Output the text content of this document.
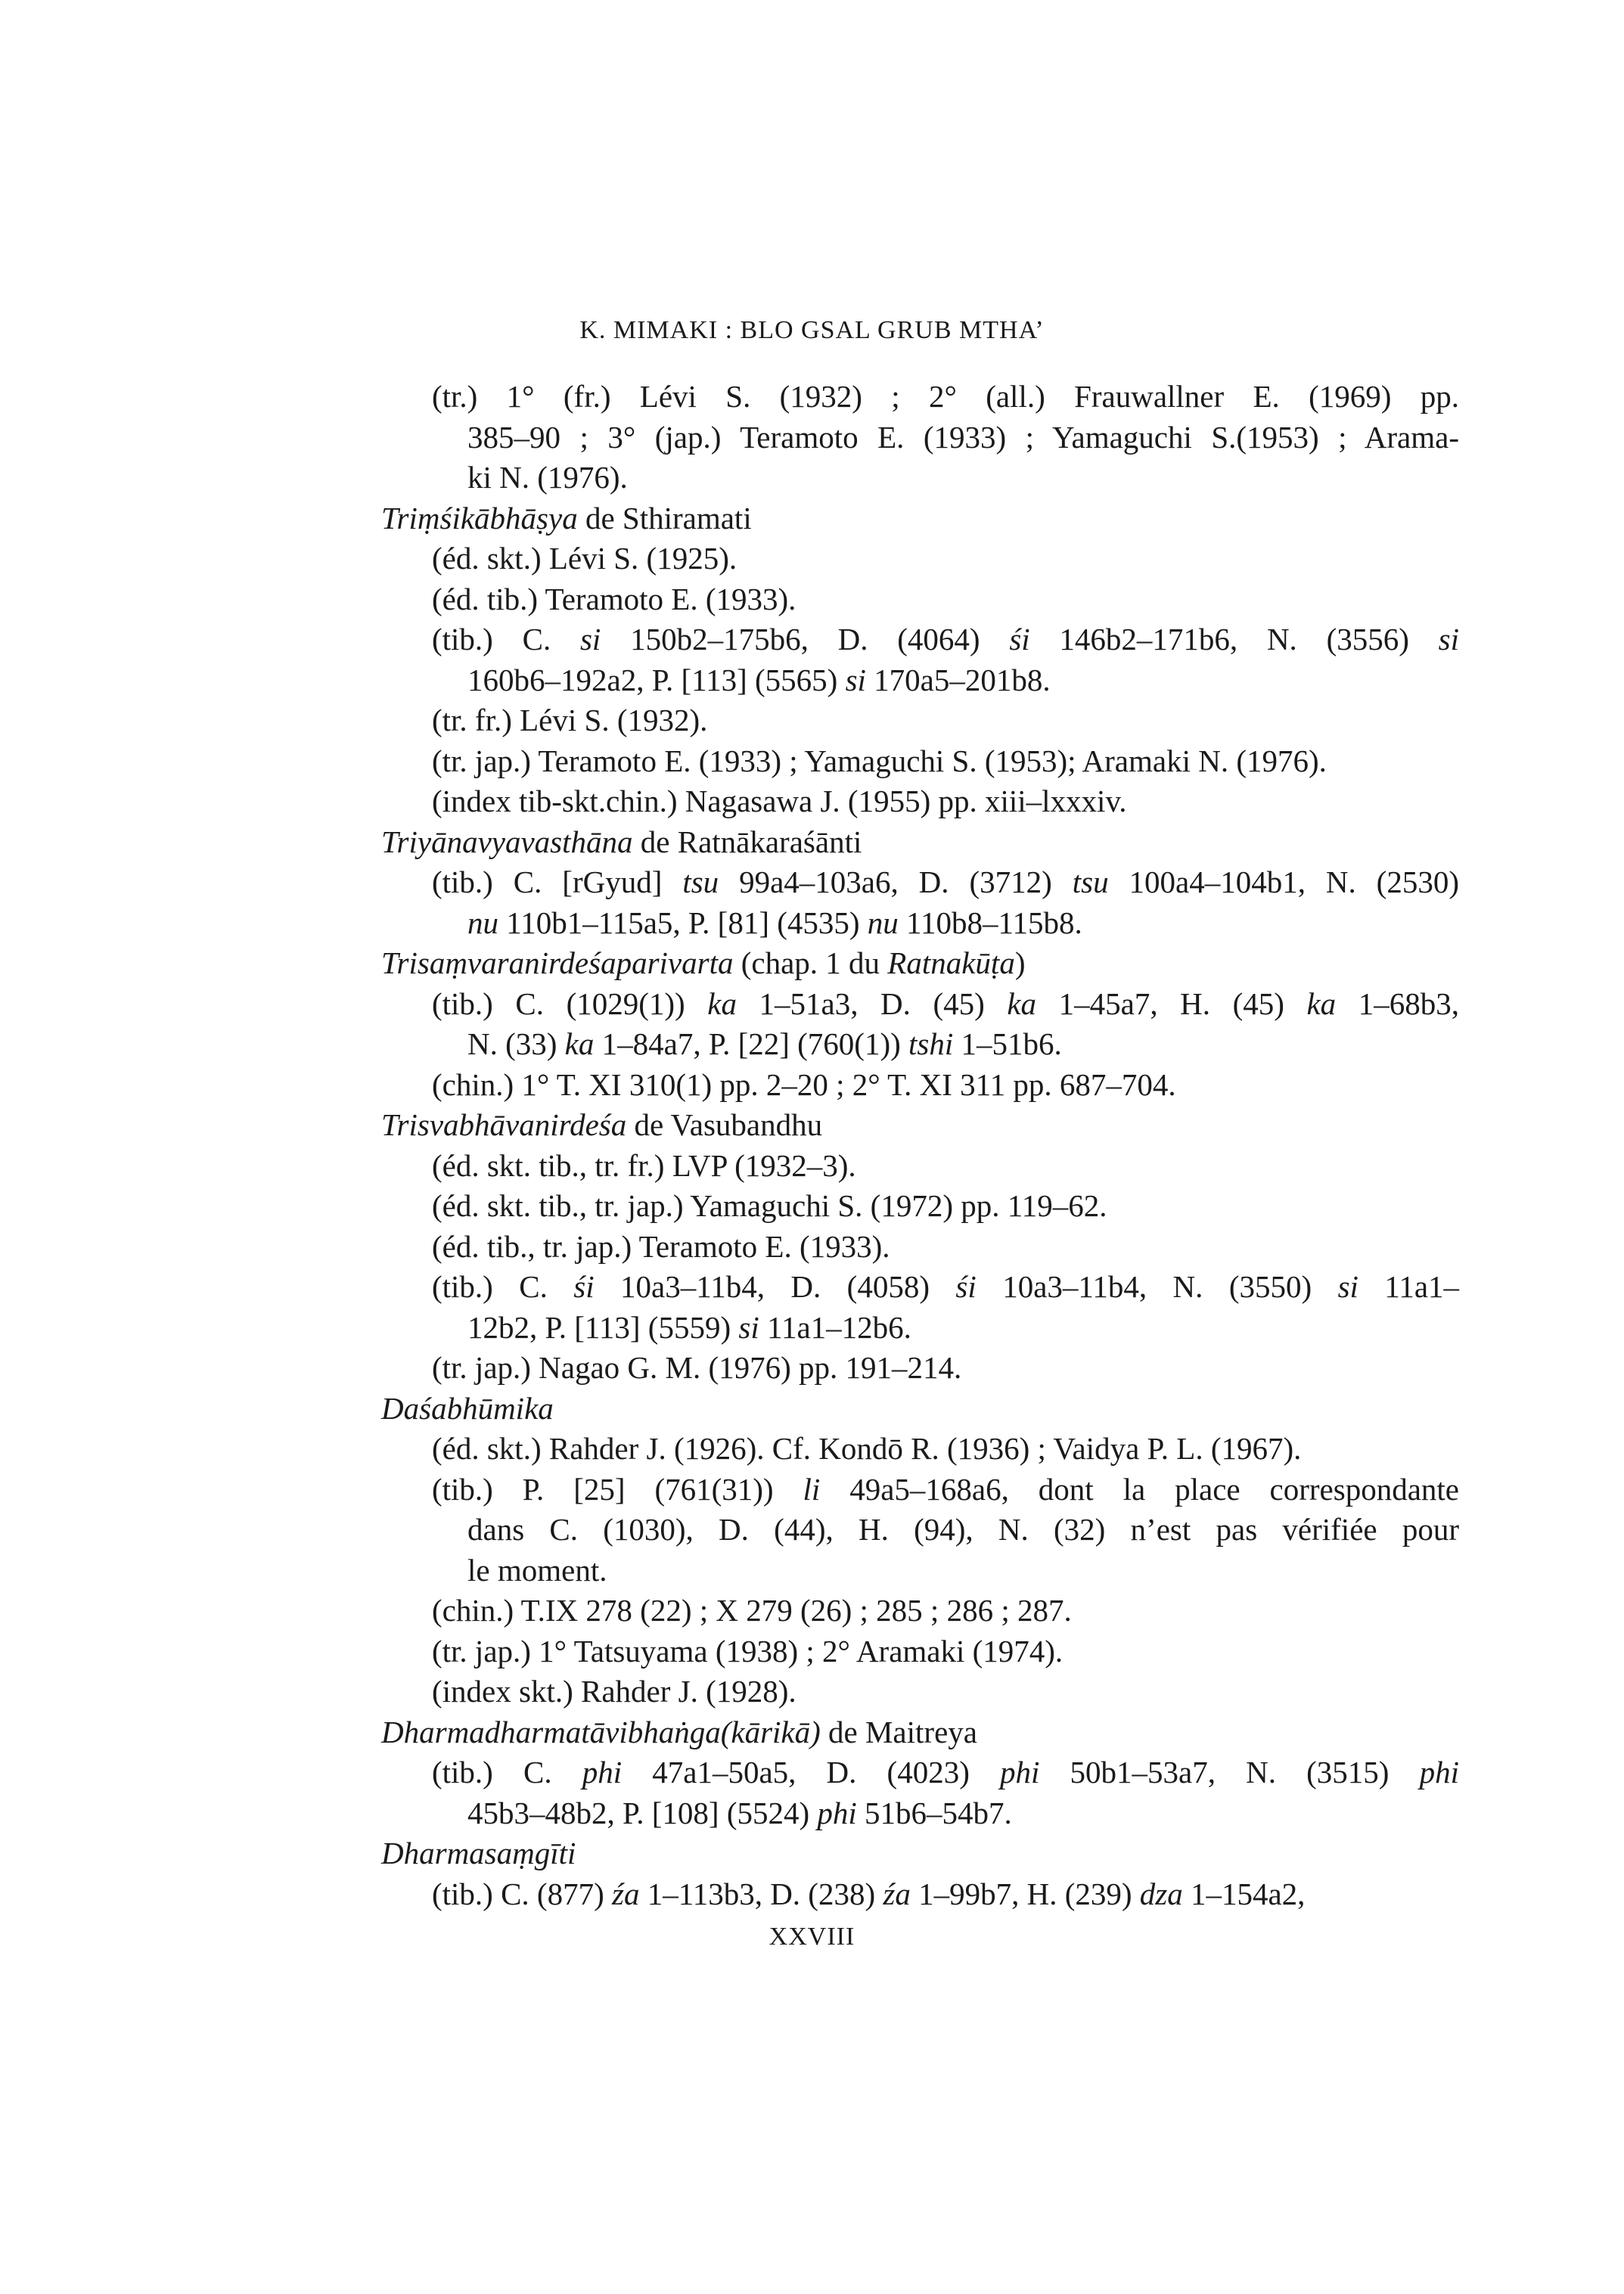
K. MIMAKI : BLO GSAL GRUB MTHA’
(tr.) 1° (fr.) Lévi S. (1932) ; 2° (all.) Frauwallner E. (1969) pp.
385–90 ; 3° (jap.) Teramoto E. (1933) ; Yamaguchi S.(1953) ; Arama-
ki N. (1976).
Triṃśikābhāṣya de Sthiramati
(éd. skt.) Lévi S. (1925).
(éd. tib.) Teramoto E. (1933).
(tib.) C. si 150b2–175b6, D. (4064) śi 146b2–171b6, N. (3556) si
160b6–192a2, P. [113] (5565) si 170a5–201b8.
(tr. fr.) Lévi S. (1932).
(tr. jap.) Teramoto E. (1933) ; Yamaguchi S. (1953); Aramaki N. (1976).
(index tib-skt.chin.) Nagasawa J. (1955) pp. xiii–lxxxiv.
Triyānavyavasthāna de Ratnākaraśānti
(tib.) C. [rGyud] tsu 99a4–103a6, D. (3712) tsu 100a4–104b1, N. (2530)
nu 110b1–115a5, P. [81] (4535) nu 110b8–115b8.
Trisaṃvaranirdeśaparivarta (chap. 1 du Ratnakūṭa)
(tib.) C. (1029(1)) ka 1–51a3, D. (45) ka 1–45a7, H. (45) ka 1–68b3,
N. (33) ka 1–84a7, P. [22] (760(1)) tshi 1–51b6.
(chin.) 1° T. XI 310(1) pp. 2–20 ; 2° T. XI 311 pp. 687–704.
Trisvabhāvanirdeśa de Vasubandhu
(éd. skt. tib., tr. fr.) LVP (1932–3).
(éd. skt. tib., tr. jap.) Yamaguchi S. (1972) pp. 119–62.
(éd. tib., tr. jap.) Teramoto E. (1933).
(tib.) C. śi 10a3–11b4, D. (4058) śi 10a3–11b4, N. (3550) si 11a1–
12b2, P. [113] (5559) si 11a1–12b6.
(tr. jap.) Nagao G. M. (1976) pp. 191–214.
Daśabhūmika
(éd. skt.) Rahder J. (1926). Cf. Kondō R. (1936) ; Vaidya P. L. (1967).
(tib.) P. [25] (761(31)) li 49a5–168a6, dont la place correspondante
dans C. (1030), D. (44), H. (94), N. (32) n’est pas vérifiée pour
le moment.
(chin.) T.IX 278 (22) ; X 279 (26) ; 285 ; 286 ; 287.
(tr. jap.) 1° Tatsuyama (1938) ; 2° Aramaki (1974).
(index skt.) Rahder J. (1928).
Dharmadharmatāvibhaṅga(kārikā) de Maitreya
(tib.) C. phi 47a1–50a5, D. (4023) phi 50b1–53a7, N. (3515) phi
45b3–48b2, P. [108] (5524) phi 51b6–54b7.
Dharmasaṃgīti
(tib.) C. (877) źa 1–113b3, D. (238) źa 1–99b7, H. (239) dza 1–154a2,
XXVIII
